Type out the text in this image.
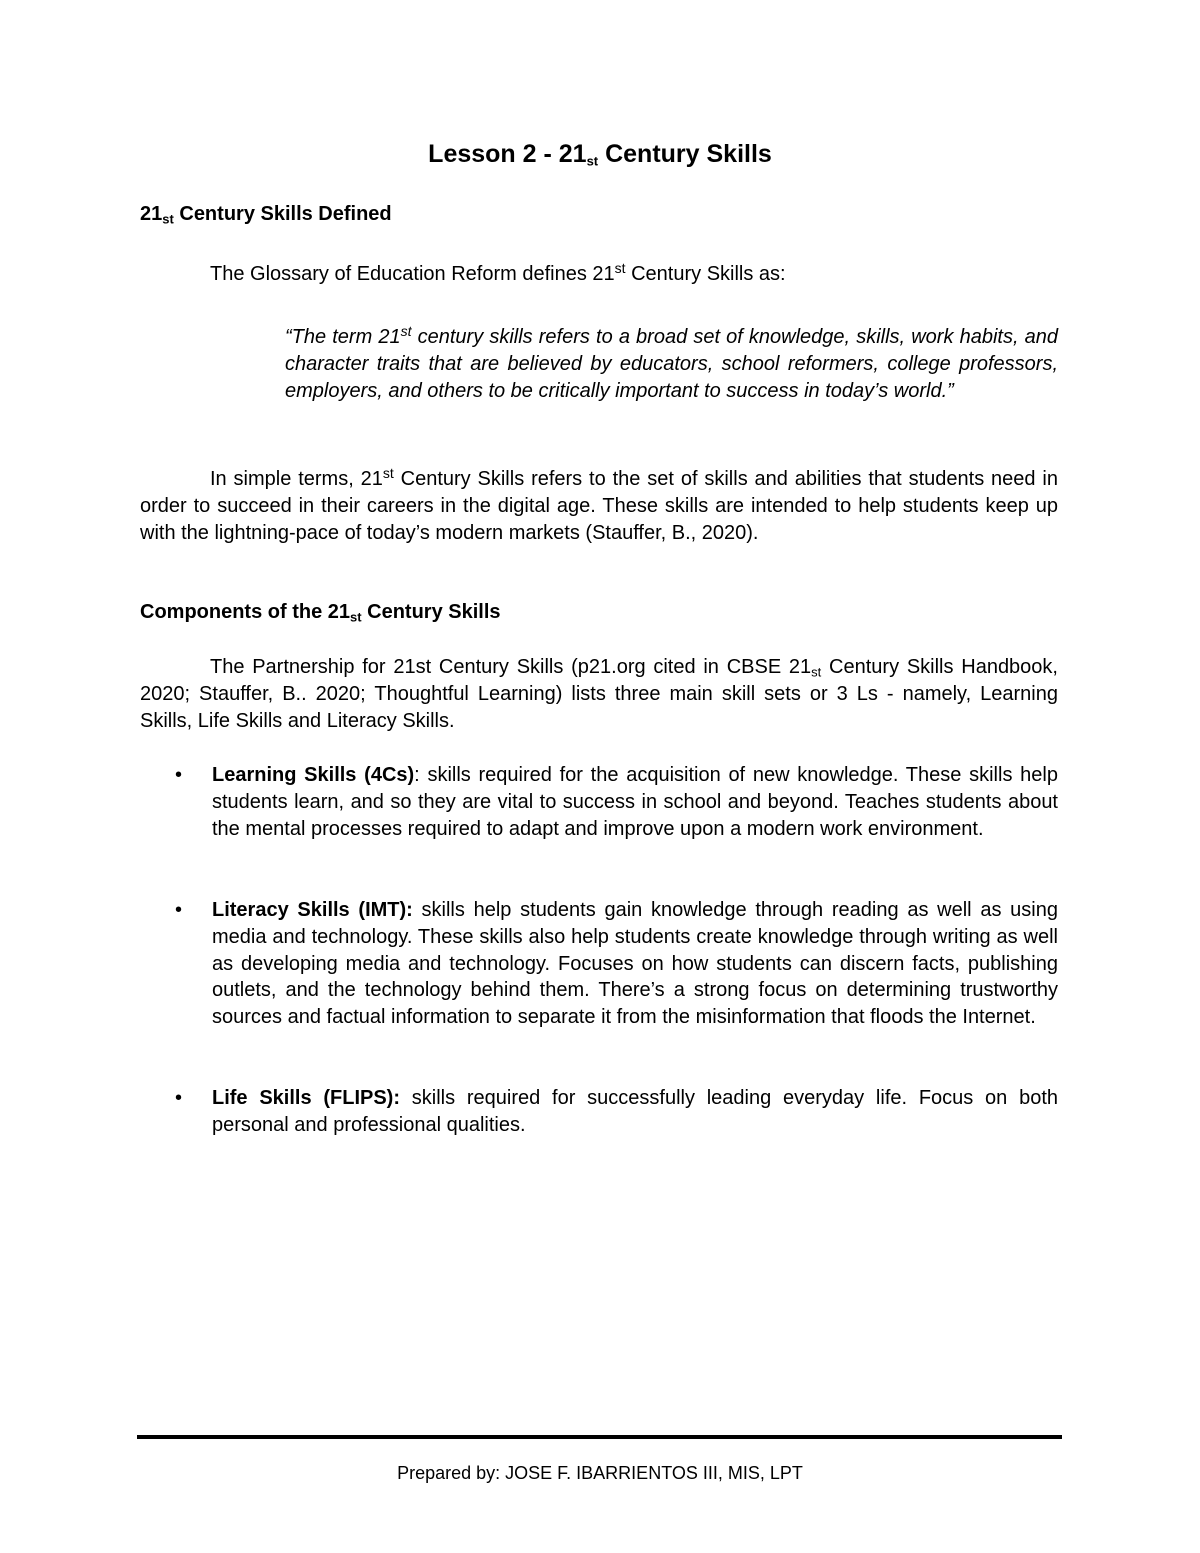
Lesson $2 - 21_{st}$ Century Skills
$21_{st}$ Century Skills Defined
The Glossary of Education Reform defines 21st Century Skills as:
“The term 21st century skills refers to a broad set of knowledge, skills, work habits, and character traits that are believed by educators, school reformers, college professors, employers, and others to be critically important to success in today’s world.”
In simple terms, 21st Century Skills refers to the set of skills and abilities that students need in order to succeed in their careers in the digital age. These skills are intended to help students keep up with the lightning-pace of today’s modern markets (Stauffer, B., 2020).
Components of the $21_{st}$ Century Skills
The Partnership for 21st Century Skills (p21.org cited in CBSE $21_{st}$ Century Skills Handbook, 2020; Stauffer, B.. 2020; Thoughtful Learning) lists three main skill sets or 3 Ls - namely, Learning Skills, Life Skills and Literacy Skills.
• Learning Skills (4Cs): skills required for the acquisition of new knowledge. These skills help students learn, and so they are vital to success in school and beyond. Teaches students about the mental processes required to adapt and improve upon a modern work environment.
• Literacy Skills (IMT): skills help students gain knowledge through reading as well as using media and technology. These skills also help students create knowledge through writing as well as developing media and technology. Focuses on how students can discern facts, publishing outlets, and the technology behind them. There’s a strong focus on determining trustworthy sources and factual information to separate it from the misinformation that floods the Internet.
• Life Skills (FLIPS): skills required for successfully leading everyday life. Focus on both personal and professional qualities.
Prepared by: JOSE F. IBARRIENTOS III, MIS, LPT
